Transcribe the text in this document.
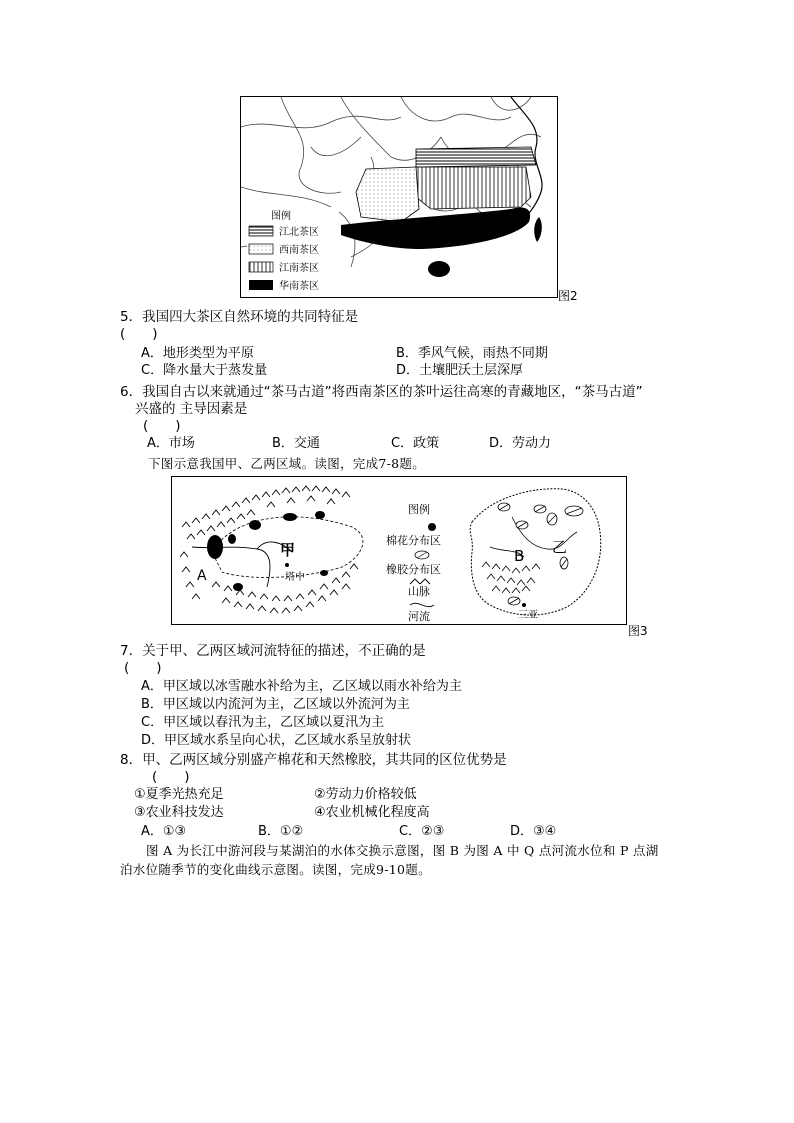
图例
江北茶区
西南茶区
江南茶区
华南茶区
图2
5．我国四大茶区自然环境的共同特征是
(　　)
A．地形类型为平原	B．季风气候，雨热不同期
C．降水量大于蒸发量	D．土壤肥沃土层深厚
6．我国自古以来就通过“茶马古道”将西南茶区的茶叶运往高寒的青藏地区，“茶马古道”
兴盛的 主导因素是
(　　)
A．市场	B．交通	C．政策	D．劳动力
下图示意我国甲、乙两区域。读图，完成7-8题。
甲
塔中
A
图例
棉花分布区
橡胶分布区
山脉
河流
B 乙
三亚
图3
7．关于甲、乙两区域河流特征的描述，不正确的是
(　　)
A．甲区域以冰雪融水补给为主，乙区域以雨水补给为主
B．甲区域以内流河为主，乙区域以外流河为主
C．甲区域以春汛为主，乙区域以夏汛为主
D．甲区域水系呈向心状，乙区域水系呈放射状
8．甲、乙两区域分别盛产棉花和天然橡胶，其共同的区位优势是
(　　)
①夏季光热充足	②劳动力价格较低
③农业科技发达	④农业机械化程度高
A．①③	B．①②	C．②③	D．③④
图 A 为长江中游河段与某湖泊的水体交换示意图，图 B 为图 A 中 Q 点河流水位和 P 点湖
泊水位随季节的变化曲线示意图。读图，完成9-10题。
